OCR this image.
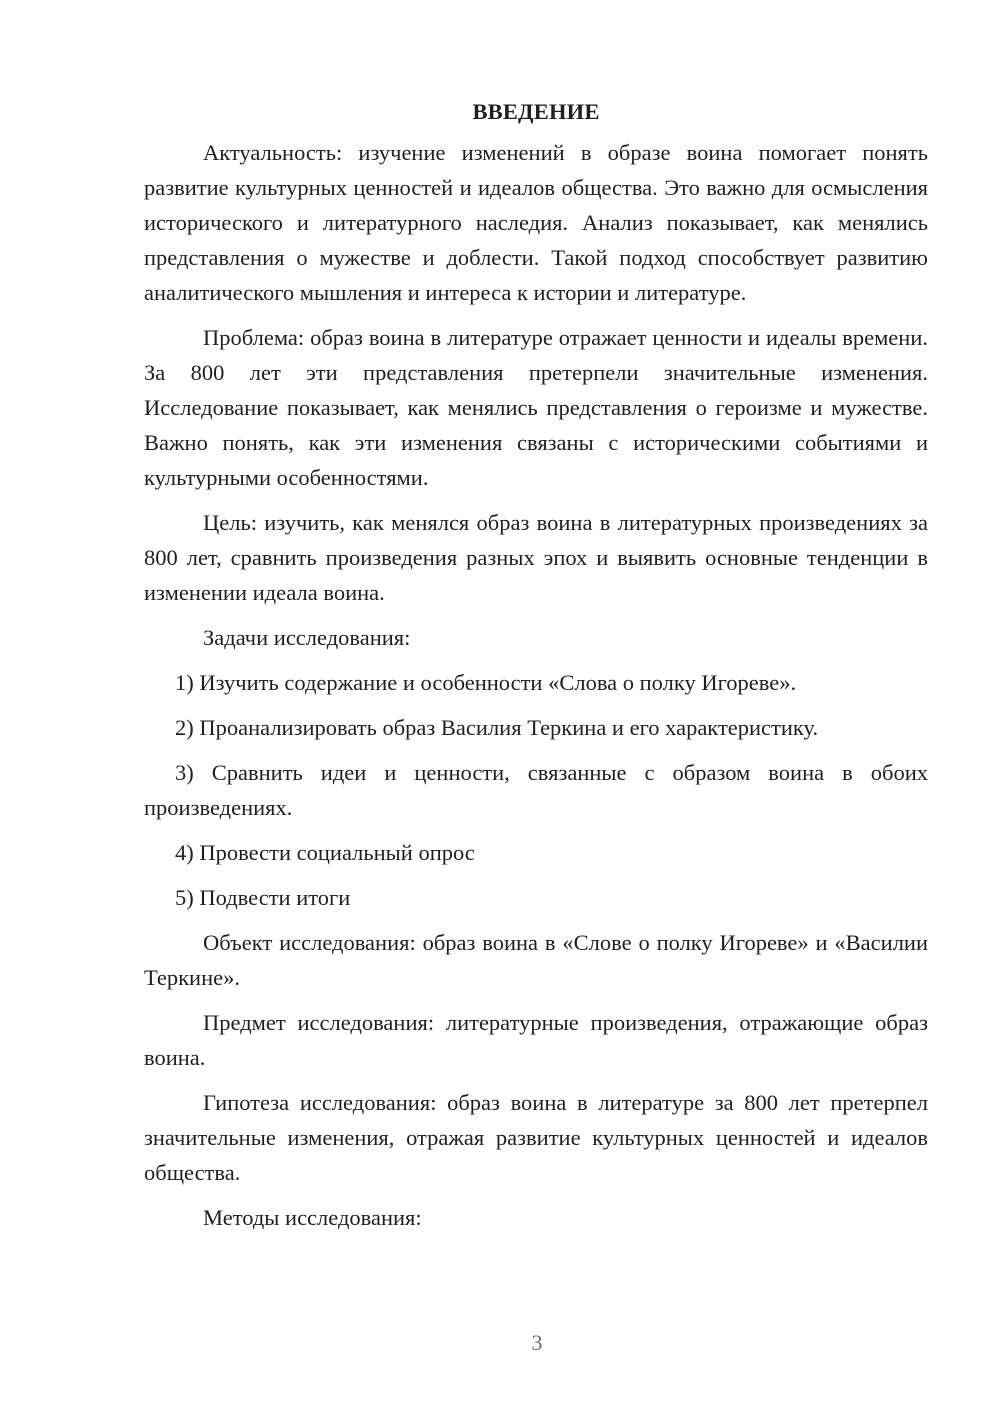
ВВЕДЕНИЕ

Актуальность: изучение изменений в образе воина помогает понять развитие культурных ценностей и идеалов общества. Это важно для осмысления исторического и литературного наследия. Анализ показывает, как менялись представления о мужестве и доблести. Такой подход способствует развитию аналитического мышления и интереса к истории и литературе.

Проблема: образ воина в литературе отражает ценности и идеалы времени. За 800 лет эти представления претерпели значительные изменения. Исследование показывает, как менялись представления о героизме и мужестве. Важно понять, как эти изменения связаны с историческими событиями и культурными особенностями.

Цель: изучить, как менялся образ воина в литературных произведениях за 800 лет, сравнить произведения разных эпох и выявить основные тенденции в изменении идеала воина.

Задачи исследования:

1) Изучить содержание и особенности «Слова о полку Игореве».

2) Проанализировать образ Василия Теркина и его характеристику.

3) Сравнить идеи и ценности, связанные с образом воина в обоих произведениях.

4) Провести социальный опрос

5) Подвести итоги

Объект исследования: образ воина в «Слове о полку Игореве» и «Василии Теркине».

Предмет исследования: литературные произведения, отражающие образ воина.

Гипотеза исследования: образ воина в литературе за 800 лет претерпел значительные изменения, отражая развитие культурных ценностей и идеалов общества.

Методы исследования:

3
